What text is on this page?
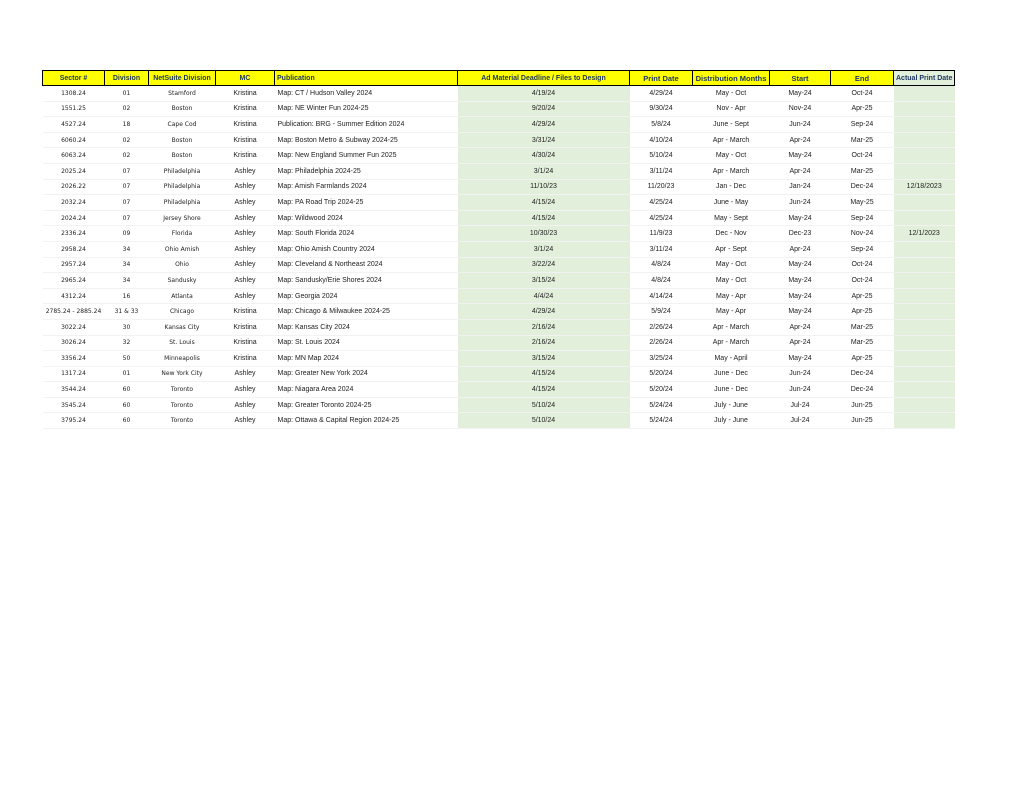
Sector #	Division	NetSuite Division	MC	Publication	Ad Material Deadline / Files to Design	Print Date	Distribution Months	Start	End	Actual Print Date
1308.24	01	Stamford	Kristina	Map: CT / Hudson Valley 2024	4/19/24	4/29/24	May - Oct	May-24	Oct-24	
1551.25	02	Boston	Kristina	Map: NE Winter Fun 2024-25	9/20/24	9/30/24	Nov - Apr	Nov-24	Apr-25	
4527.24	18	Cape Cod	Kristina	Publication: BRG - Summer Edition 2024	4/29/24	5/8/24	June - Sept	Jun-24	Sep-24	
6060.24	02	Boston	Kristina	Map: Boston Metro & Subway 2024-25	3/31/24	4/10/24	Apr - March	Apr-24	Mar-25	
6063.24	02	Boston	Kristina	Map: New England Summer Fun 2025	4/30/24	5/10/24	May - Oct	May-24	Oct-24	
2025.24	07	Philadelphia	Ashley	Map: Philadelphia 2024-25	3/1/24	3/11/24	Apr - March	Apr-24	Mar-25	
2026.22	07	Philadelphia	Ashley	Map: Amish Farmlands 2024	11/10/23	11/20/23	Jan - Dec	Jan-24	Dec-24	12/18/2023
2032.24	07	Philadelphia	Ashley	Map: PA Road Trip 2024-25	4/15/24	4/25/24	June - May	Jun-24	May-25	
2024.24	07	Jersey Shore	Ashley	Map: Wildwood 2024	4/15/24	4/25/24	May - Sept	May-24	Sep-24	
2336.24	09	Florida	Ashley	Map: South Florida 2024	10/30/23	11/9/23	Dec - Nov	Dec-23	Nov-24	12/1/2023
2958.24	34	Ohio Amish	Ashley	Map: Ohio Amish Country 2024	3/1/24	3/11/24	Apr - Sept	Apr-24	Sep-24	
2957.24	34	Ohio	Ashley	Map: Cleveland & Northeast 2024	3/22/24	4/8/24	May - Oct	May-24	Oct-24	
2965.24	34	Sandusky	Ashley	Map: Sandusky/Erie Shores 2024	3/15/24	4/8/24	May - Oct	May-24	Oct-24	
4312.24	16	Atlanta	Ashley	Map: Georgia 2024	4/4/24	4/14/24	May - Apr	May-24	Apr-25	
2785.24 - 2885.24	31 & 33	Chicago	Kristina	Map: Chicago & Milwaukee 2024-25	4/29/24	5/9/24	May - Apr	May-24	Apr-25	
3022.24	30	Kansas City	Kristina	Map: Kansas City 2024	2/16/24	2/26/24	Apr - March	Apr-24	Mar-25	
3026.24	32	St. Louis	Kristina	Map: St. Louis 2024	2/16/24	2/26/24	Apr - March	Apr-24	Mar-25	
3356.24	50	Minneapolis	Kristina	Map: MN Map 2024	3/15/24	3/25/24	May - April	May-24	Apr-25	
1317.24	01	New York City	Ashley	Map: Greater New York 2024	4/15/24	5/20/24	June - Dec	Jun-24	Dec-24	
3544.24	60	Toronto	Ashley	Map: Niagara Area 2024	4/15/24	5/20/24	June - Dec	Jun-24	Dec-24	
3545.24	60	Toronto	Ashley	Map: Greater Toronto 2024-25	5/10/24	5/24/24	July - June	Jul-24	Jun-25	
3795.24	60	Toronto	Ashley	Map: Ottawa & Capital Region 2024-25	5/10/24	5/24/24	July - June	Jul-24	Jun-25	
